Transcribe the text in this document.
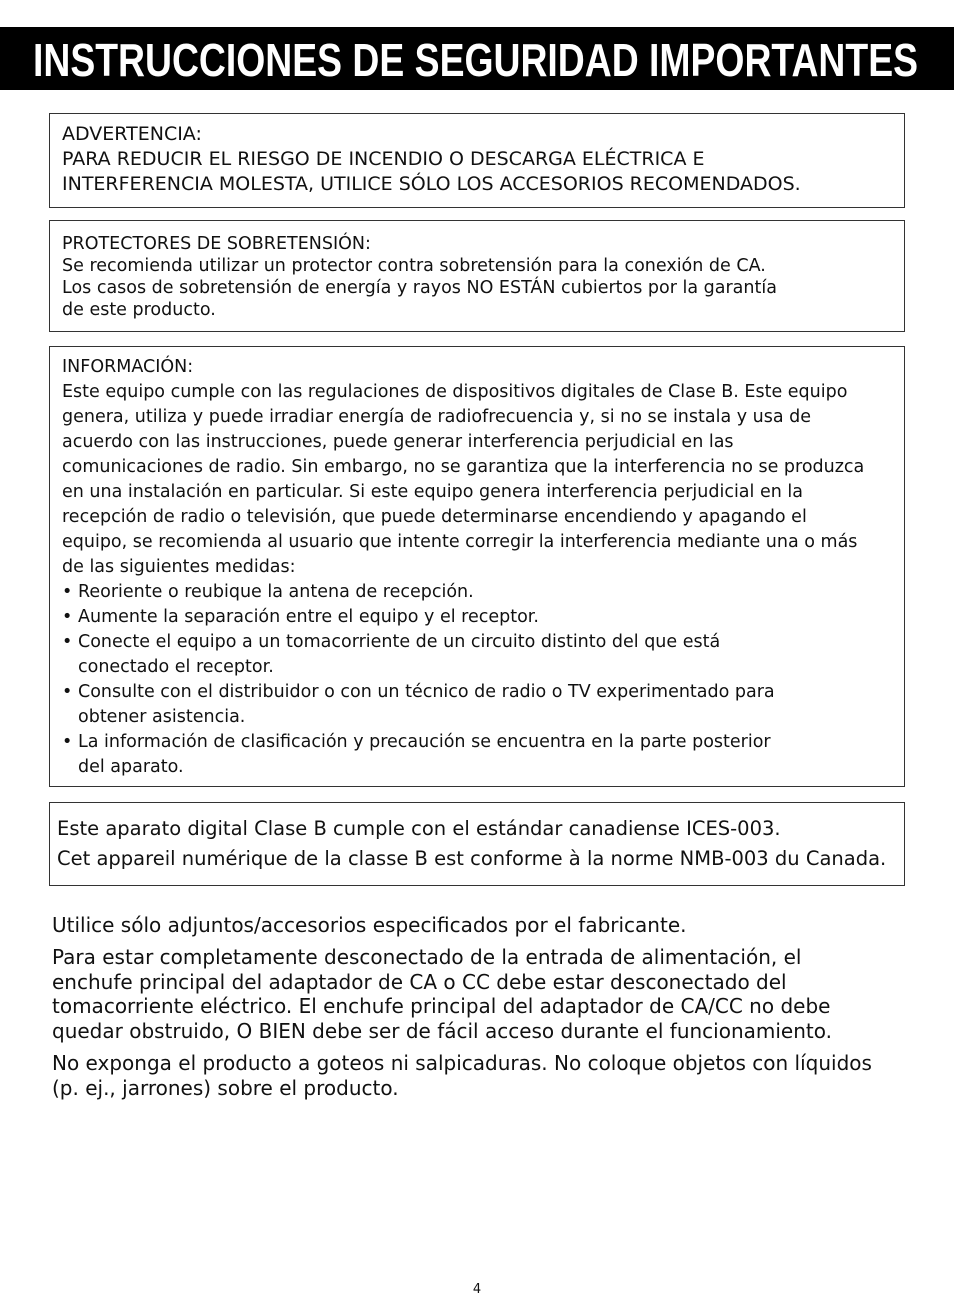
INSTRUCCIONES DE SEGURIDAD IMPORTANTES
ADVERTENCIA:
PARA REDUCIR EL RIESGO DE INCENDIO O DESCARGA ELÉCTRICA E
INTERFERENCIA MOLESTA, UTILICE SÓLO LOS ACCESORIOS RECOMENDADOS.
PROTECTORES DE SOBRETENSIÓN:
Se recomienda utilizar un protector contra sobretensión para la conexión de CA.
Los casos de sobretensión de energía y rayos NO ESTÁN cubiertos por la garantía
de este producto.
INFORMACIÓN:
Este equipo cumple con las regulaciones de dispositivos digitales de Clase B. Este equipo
genera, utiliza y puede irradiar energía de radiofrecuencia y, si no se instala y usa de
acuerdo con las instrucciones, puede generar interferencia perjudicial en las
comunicaciones de radio. Sin embargo, no se garantiza que la interferencia no se produzca
en una instalación en particular. Si este equipo genera interferencia perjudicial en la
recepción de radio o televisión, que puede determinarse encendiendo y apagando el
equipo, se recomienda al usuario que intente corregir la interferencia mediante una o más
de las siguientes medidas:
• Reoriente o reubique la antena de recepción.
• Aumente la separación entre el equipo y el receptor.
• Conecte el equipo a un tomacorriente de un circuito distinto del que está
conectado el receptor.
• Consulte con el distribuidor o con un técnico de radio o TV experimentado para
obtener asistencia.
• La información de clasificación y precaución se encuentra en la parte posterior
del aparato.
Este aparato digital Clase B cumple con el estándar canadiense ICES-003.
Cet appareil numérique de la classe B est conforme à la norme NMB-003 du Canada.
Utilice sólo adjuntos/accesorios especificados por el fabricante.
Para estar completamente desconectado de la entrada de alimentación, el
enchufe principal del adaptador de CA o CC debe estar desconectado del
tomacorriente eléctrico. El enchufe principal del adaptador de CA/CC no debe
quedar obstruido, O BIEN debe ser de fácil acceso durante el funcionamiento.
No exponga el producto a goteos ni salpicaduras. No coloque objetos con líquidos
(p. ej., jarrones) sobre el producto.
4
